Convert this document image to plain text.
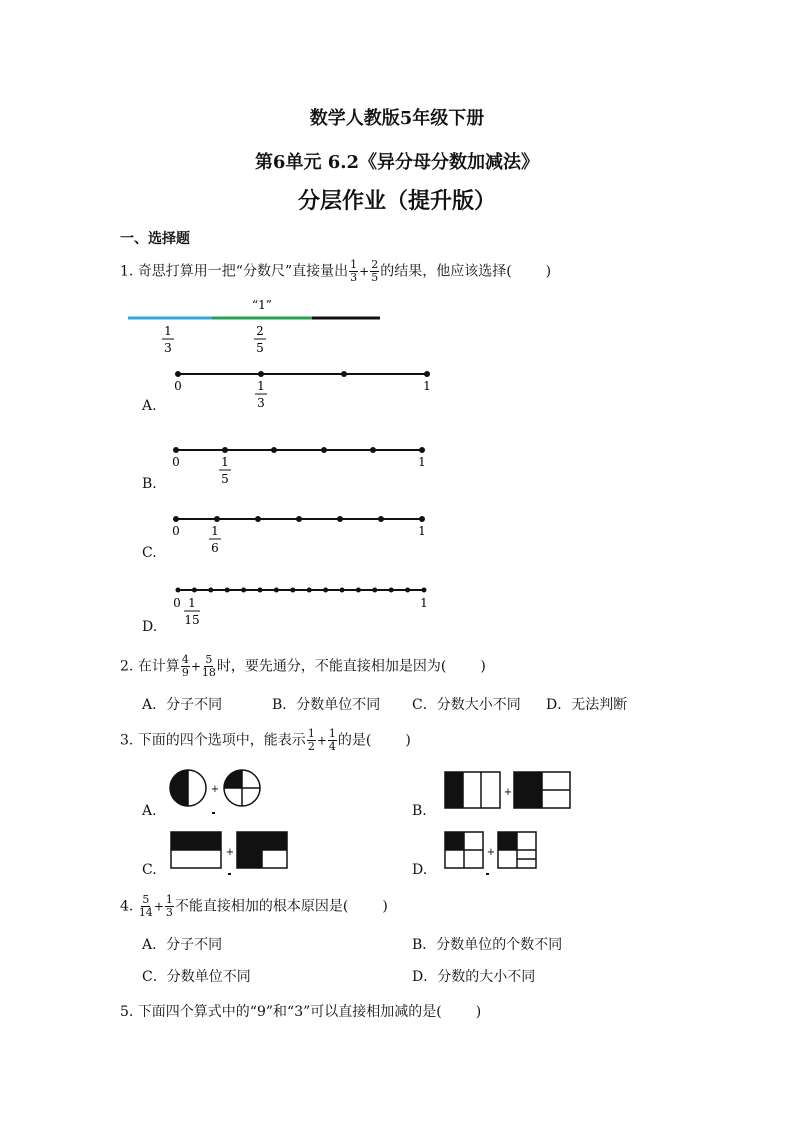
数学人教版5年级下册
第6单元 6.2《异分母分数加减法》
分层作业（提升版）
一、选择题
1. 奇思打算用一把“分数尺”直接量出 $\frac{1}{3} + \frac{2}{5}$ 的结果，他应该选择( )
“1”
1
3
2
5
A.
0	1
1
3
B.
0	1
1
5
C.
0	1
1
6
D.
0	1
1
15
2. 在计算 $\frac{4}{9} + \frac{5}{18}$ 时，要先通分，不能直接相加是因为( )
A．分子不同	B．分数单位不同 C．分数大小不同 D．无法判断
3. 下面的四个选项中，能表示 $\frac{1}{2} + \frac{1}{4}$ 的是( )
A.
+
B.
+
C.
+
D.
+
4. $\frac{5}{14} + \frac{1}{3}$ 不能直接相加的根本原因是( )
A．分子不同	B．分数单位的个数不同
C．分数单位不同	D．分数的大小不同
5. 下面四个算式中的“9”和“3”可以直接相加减的是( )
